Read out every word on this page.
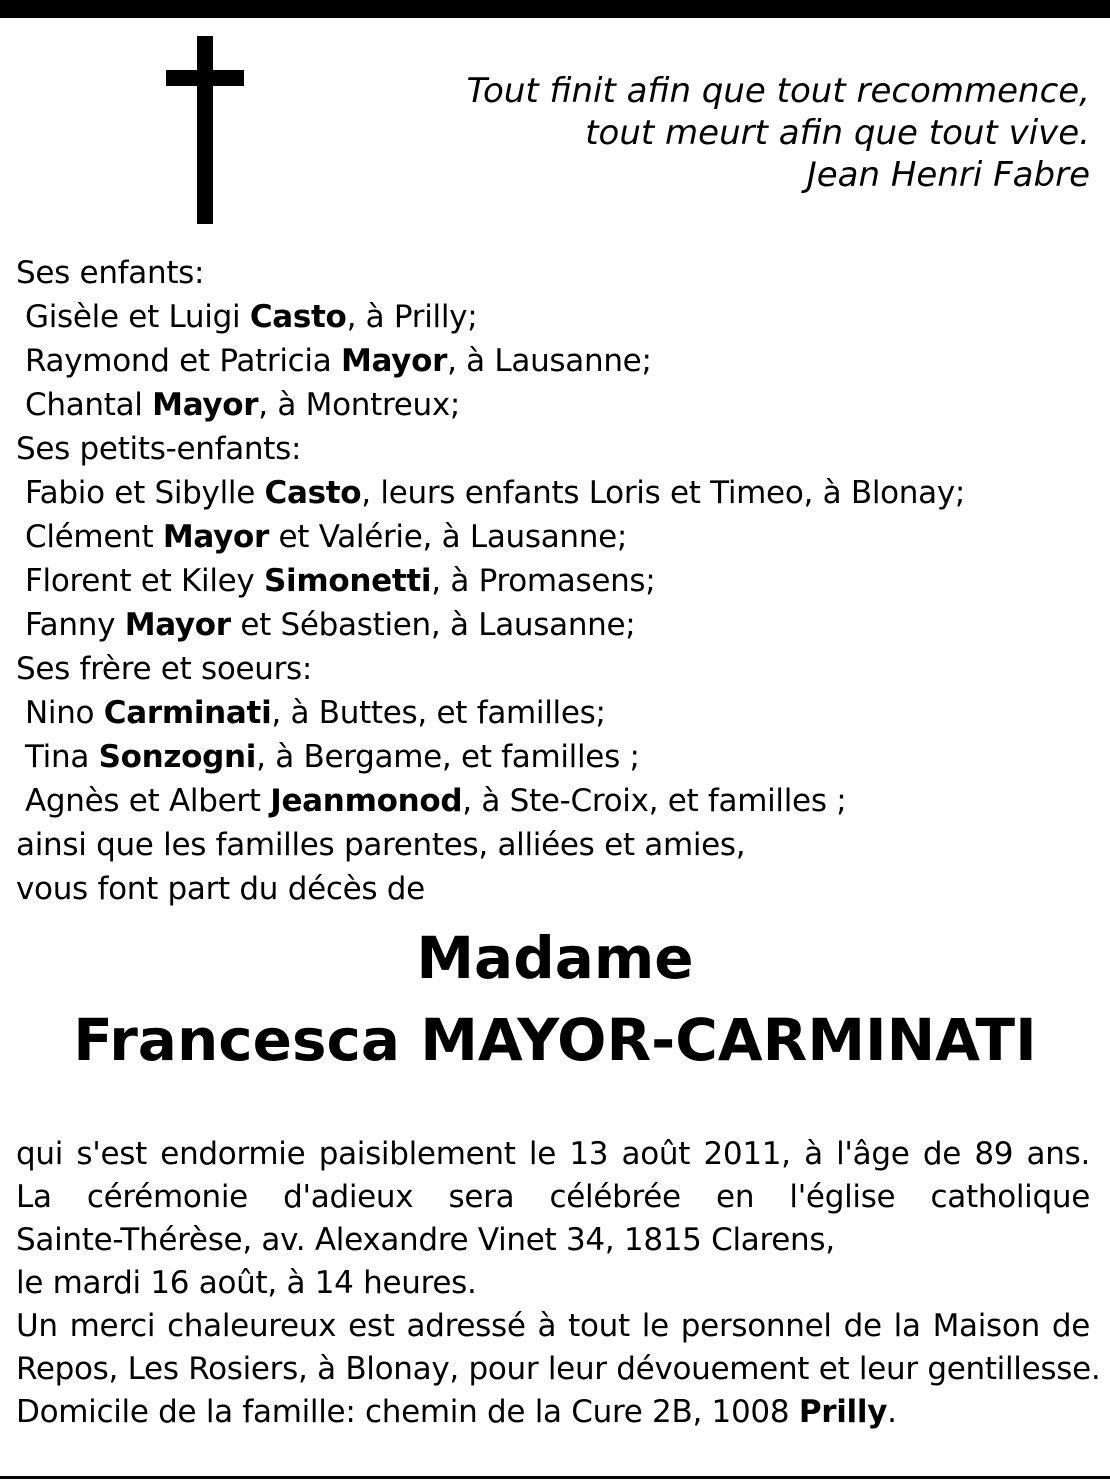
Tout finit afin que tout recommence,
tout meurt afin que tout vive.
Jean Henri Fabre
Ses enfants:
Gisèle et Luigi Casto, à Prilly;
Raymond et Patricia Mayor, à Lausanne;
Chantal Mayor, à Montreux;
Ses petits-enfants:
Fabio et Sibylle Casto, leurs enfants Loris et Timeo, à Blonay;
Clément Mayor et Valérie, à Lausanne;
Florent et Kiley Simonetti, à Promasens;
Fanny Mayor et Sébastien, à Lausanne;
Ses frère et soeurs:
Nino Carminati, à Buttes, et familles;
Tina Sonzogni, à Bergame, et familles ;
Agnès et Albert Jeanmonod, à Ste-Croix, et familles ;
ainsi que les familles parentes, alliées et amies,
vous font part du décès de
Madame
Francesca MAYOR-CARMINATI
qui s'est endormie paisiblement le 13 août 2011, à l'âge de 89 ans.
La cérémonie d'adieux sera célébrée en l'église catholique
Sainte-Thérèse, av. Alexandre Vinet 34, 1815 Clarens,
le mardi 16 août, à 14 heures.
Un merci chaleureux est adressé à tout le personnel de la Maison de
Repos, Les Rosiers, à Blonay, pour leur dévouement et leur gentillesse.
Domicile de la famille: chemin de la Cure 2B, 1008 Prilly.
